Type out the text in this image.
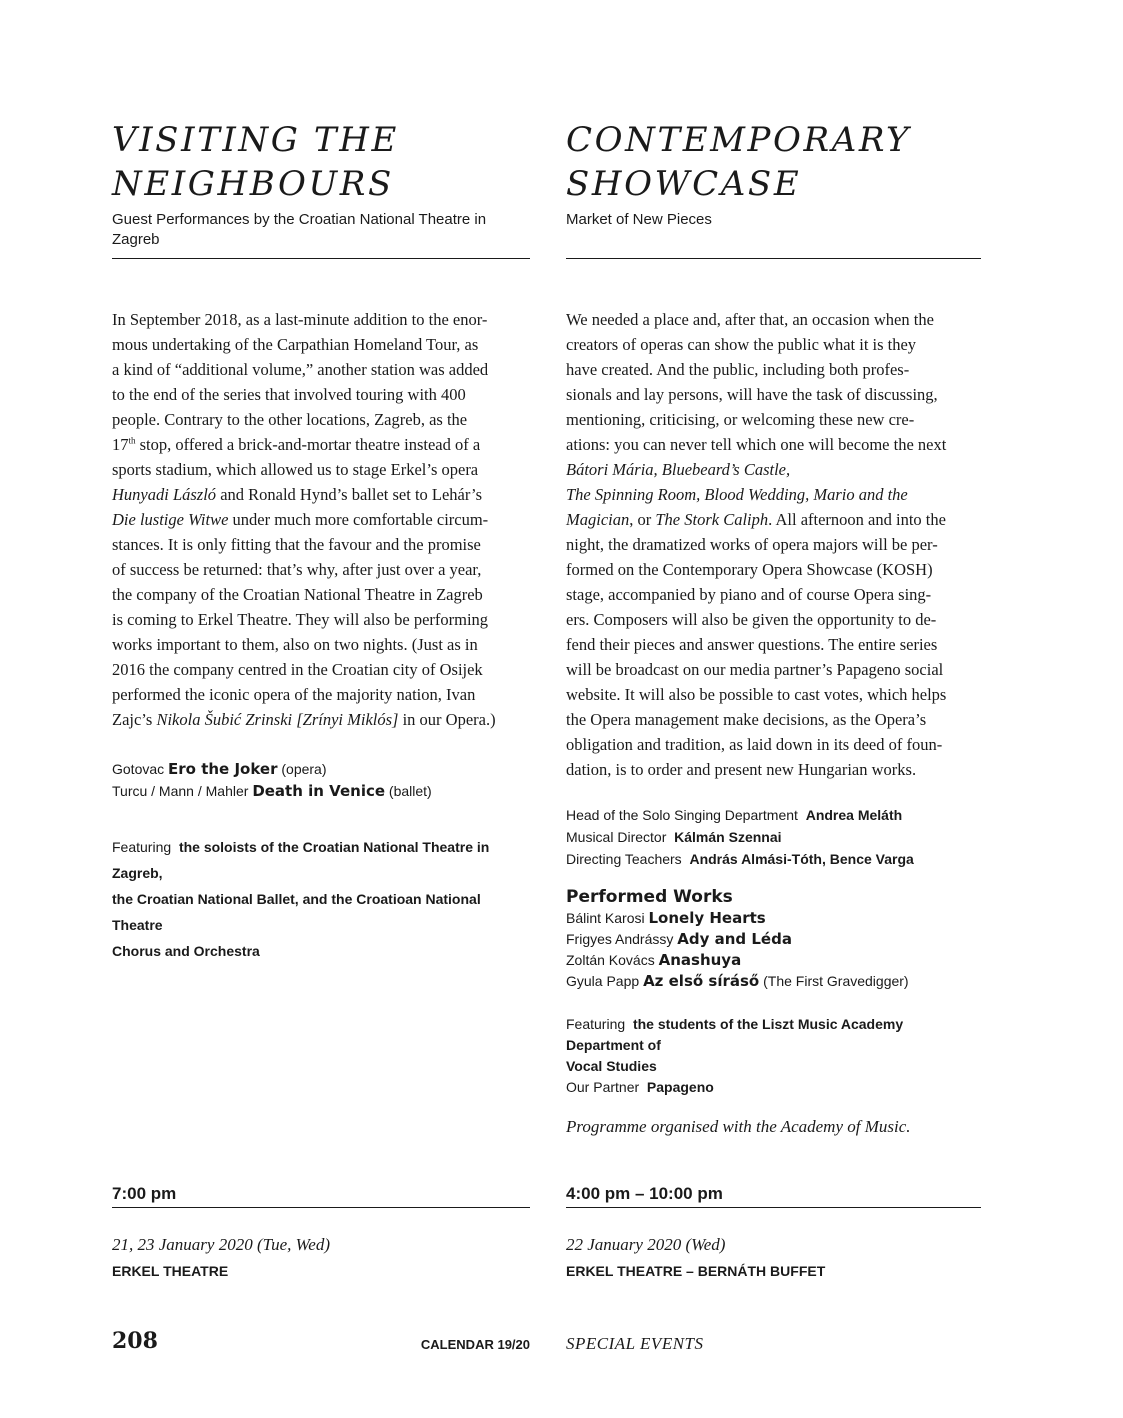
VISITING THE
NEIGHBOURS
Guest Performances by the Croatian National Theatre in Zagreb

In September 2018, as a last-minute addition to the enor-

mous undertaking of the Carpathian Homeland Tour, as

a kind of “additional volume,” another station was added

to the end of the series that involved touring with 400

people. Contrary to the other locations, Zagreb, as the

17th stop, offered a brick-and-mortar theatre instead of a

sports stadium, which allowed us to stage Erkel’s opera

Hunyadi László and Ronald Hynd’s ballet set to Lehár’s

Die lustige Witwe under much more comfortable circum-

stances. It is only fitting that the favour and the promise

of success be returned: that’s why, after just over a year,

the company of the Croatian National Theatre in Zagreb

is coming to Erkel Theatre. They will also be performing

works important to them, also on two nights. (Just as in

2016 the company centred in the Croatian city of Osijek

performed the iconic opera of the majority nation, Ivan

Zajc’s Nikola Šubić Zrinski [Zrínyi Miklós] in our Opera.)

Gotovac Ero the Joker (opera)
Turcu / Mann / Mahler Death in Venice (ballet)
Featuring the soloists of the Croatian National Theatre in Zagreb,
the Croatian National Ballet, and the Croatioan National Theatre
Chorus and Orchestra
7:00 pm
21, 23 January 2020 (Tue, Wed)
ERKEL THEATRE
CONTEMPORARY
SHOWCASE
Market of New Pieces

We needed a place and, after that, an occasion when the

creators of operas can show the public what it is they

have created. And the public, including both profes-

sionals and lay persons, will have the task of discussing,

mentioning, criticising, or welcoming these new cre-

ations: you can never tell which one will become the next

Bátori Mária, Bluebeard’s Castle,

The Spinning Room, Blood Wedding, Mario and the

Magician, or The Stork Caliph. All afternoon and into the

night, the dramatized works of opera majors will be per-

formed on the Contemporary Opera Showcase (KOSH)

stage, accompanied by piano and of course Opera sing-

ers. Composers will also be given the opportunity to de-

fend their pieces and answer questions. The entire series

will be broadcast on our media partner’s Papageno social

website. It will also be possible to cast votes, which helps

the Opera management make decisions, as the Opera’s

obligation and tradition, as laid down in its deed of foun-

dation, is to order and present new Hungarian works.

Head of the Solo Singing Department Andrea Meláth
Musical Director Kálmán Szennai
Directing Teachers András Almási-Tóth, Bence Varga
Performed Works
Bálint Karosi Lonely Hearts
Frigyes Andrássy Ady and Léda
Zoltán Kovács Anashuya
Gyula Papp Az első síráső (The First Gravedigger)
Featuring the students of the Liszt Music Academy Department of
Vocal Studies
Our Partner Papageno
Programme organised with the Academy of Music.
4:00 pm – 10:00 pm
22 January 2020 (Wed)
ERKEL THEATRE – BERNÁTH BUFFET
208	CALENDAR 19/20 SPECIAL EVENTS
